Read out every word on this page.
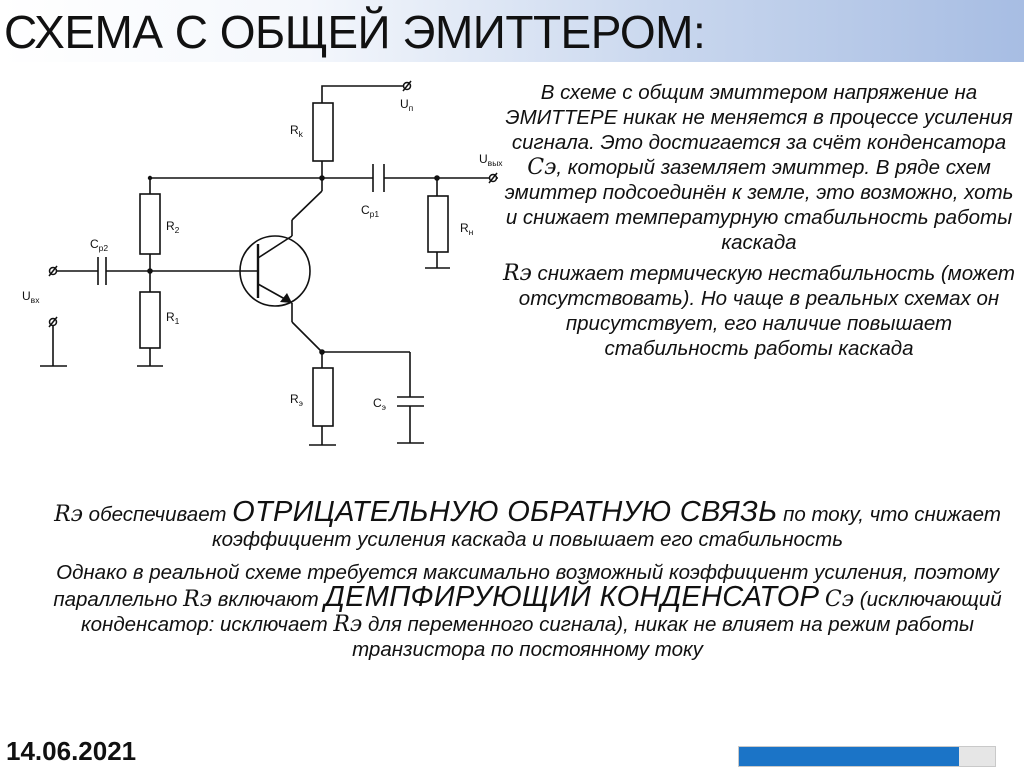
СХЕМА С ОБЩЕЙ ЭМИТТЕРОМ:
$U_п$
$R_k$
$U_{вых}$
$C_{p1}$
$R_н$
$R_2$
$C_{p2}$
$U_{вх}$
$R_1$
$R_э$	$C_э$

В схеме с общим эмиттером напряжение на ЭМИТТЕРЕ никак не меняется в процессе усиления сигнала. Это достигается за счёт конденсатора Cэ, который заземляет эмиттер. В ряде схем эмиттер подсоединён к земле, это возможно, хоть и снижает температурную стабильность работы каскада

Rэ снижает термическую нестабильность (может отсутствовать). Но чаще в реальных схемах он присутствует, его наличие повышает стабильность работы каскада

Rэ обеспечивает ОТРИЦАТЕЛЬНУЮ ОБРАТНУЮ СВЯЗЬ по току, что снижает коэффициент усиления каскада и повышает его стабильность

Однако в реальной схеме требуется максимально возможный коэффициент усиления, поэтому параллельно Rэ включают ДЕМПФИРУЮЩИЙ КОНДЕНСАТОР Cэ (исключающий конденсатор: исключает Rэ для переменного сигнала), никак не влияет на режим работы транзистора по постоянному току

14.06.2021
